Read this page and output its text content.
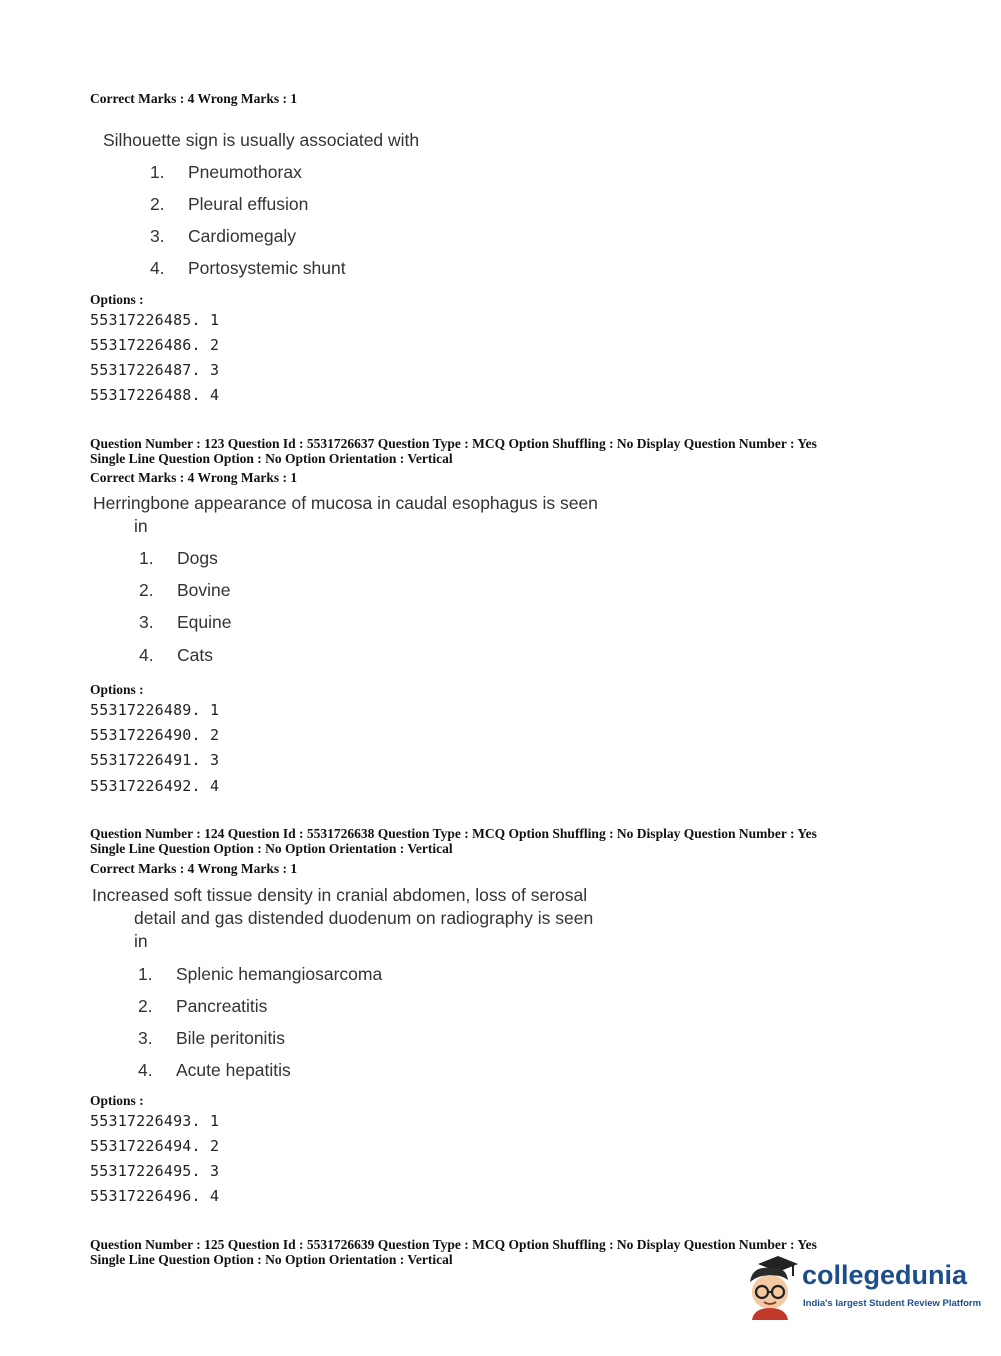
Correct Marks : 4 Wrong Marks : 1
Silhouette sign is usually associated with
1. Pneumothorax
2. Pleural effusion
3. Cardiomegaly
4. Portosystemic shunt
Options :
55317226485. 1
55317226486. 2
55317226487. 3
55317226488. 4
Question Number : 123 Question Id : 5531726637 Question Type : MCQ Option Shuffling : No Display Question Number : Yes
Single Line Question Option : No Option Orientation : Vertical
Correct Marks : 4 Wrong Marks : 1
Herringbone appearance of mucosa in caudal esophagus is seen
in
1. Dogs
2. Bovine
3. Equine
4. Cats
Options :
55317226489. 1
55317226490. 2
55317226491. 3
55317226492. 4
Question Number : 124 Question Id : 5531726638 Question Type : MCQ Option Shuffling : No Display Question Number : Yes
Single Line Question Option : No Option Orientation : Vertical
Correct Marks : 4 Wrong Marks : 1
Increased soft tissue density in cranial abdomen, loss of serosal
detail and gas distended duodenum on radiography is seen
in
1. Splenic hemangiosarcoma
2. Pancreatitis
3. Bile peritonitis
4. Acute hepatitis
Options :
55317226493. 1
55317226494. 2
55317226495. 3
55317226496. 4
Question Number : 125 Question Id : 5531726639 Question Type : MCQ Option Shuffling : No Display Question Number : Yes
Single Line Question Option : No Option Orientation : Vertical
collegedunia
India's largest Student Review Platform
